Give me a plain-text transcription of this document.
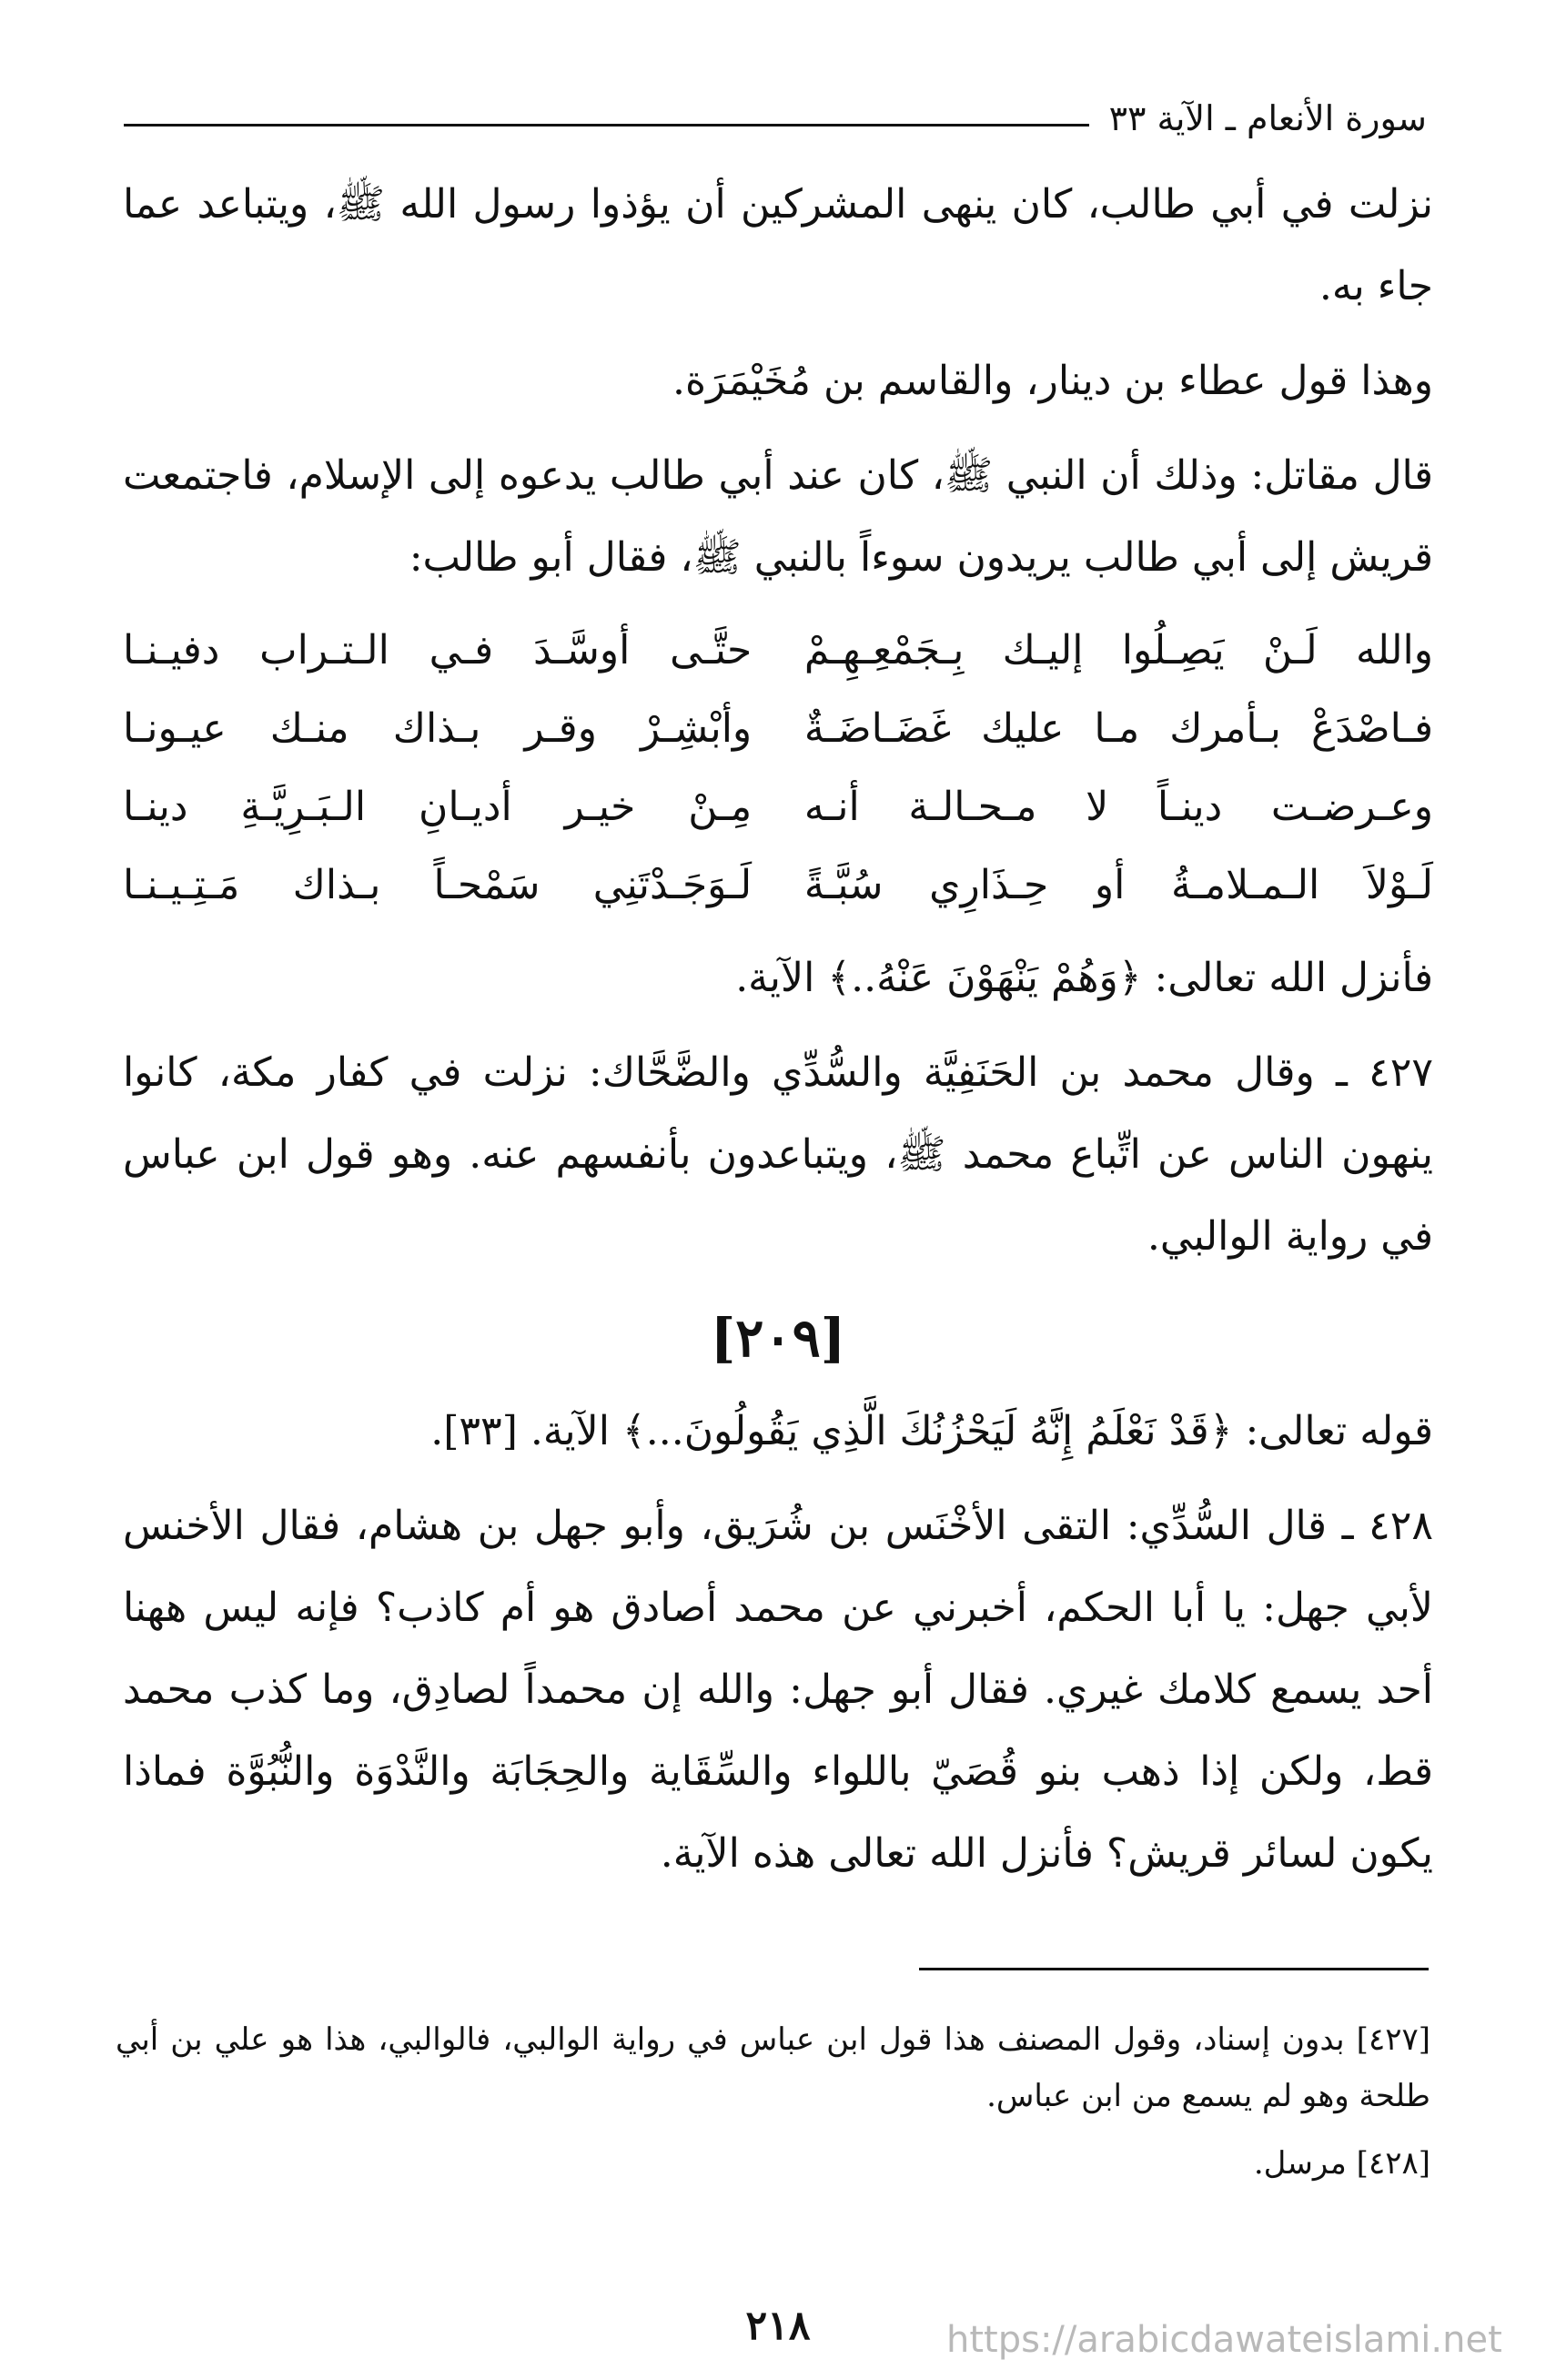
سورة الأنعام ـ الآية ٣٣

نزلت في أبي طالب، كان ينهى المشركين أن يؤذوا رسول الله ﷺ، ويتباعد عما جاء به.

وهذا قول عطاء بن دينار، والقاسم بن مُخَيْمَرَة.

قال مقاتل: وذلك أن النبي ﷺ، كان عند أبي طالب يدعوه إلى الإسلام، فاجتمعت قريش إلى أبي طالب يريدون سوءاً بالنبي ﷺ، فقال أبو طالب:

والله لَـنْ يَصِـلُوا إليـك بِـجَمْعِـهِـمْ
حتَّـى أوسَّـدَ فـي الـتـراب دفيـنـا
فـاصْدَعْ بـأمرك مـا عليك غَضَـاضَـةٌ
وأبْشِـرْ وقـر بـذاك منـك عيـونـا
وعـرضـت دينـاً لا مـحـالـة أنـه
مِـنْ خيـر أديـانِ الـبَـرِيَّـةِ دينـا
لَـوْلاَ الـمـلامـةُ أو حِـذَارِي سُبَّـةً
لَـوَجَـدْتَنِي سَمْحـاً بـذاك مَـتِـيـنـا

فأنزل الله تعالى: ﴿وَهُمْ يَنْهَوْنَ عَنْهُ..﴾ الآية.

٤٢٧ ـ وقال محمد بن الحَنَفِيَّة والسُّدِّي والضَّحَّاك: نزلت في كفار مكة، كانوا ينهون الناس عن اتِّباع محمد ﷺ، ويتباعدون بأنفسهم عنه. وهو قول ابن عباس في رواية الوالبي.

[٢٠٩]

قوله تعالى: ﴿قَدْ نَعْلَمُ إِنَّهُ لَيَحْزُنُكَ الَّذِي يَقُولُونَ...﴾ الآية. [٣٣].

٤٢٨ ـ قال السُّدِّي: التقى الأخْنَس بن شُرَيق، وأبو جهل بن هشام، فقال الأخنس لأبي جهل: يا أبا الحكم، أخبرني عن محمد أصادق هو أم كاذب؟ فإنه ليس ههنا أحد يسمع كلامك غيري. فقال أبو جهل: والله إن محمداً لصادِق، وما كذب محمد قط، ولكن إذا ذهب بنو قُصَيّ باللواء والسِّقَاية والحِجَابَة والنَّدْوَة والنُّبُوَّة فماذا يكون لسائر قريش؟ فأنزل الله تعالى هذه الآية.

[٤٢٧] بدون إسناد، وقول المصنف هذا قول ابن عباس في رواية الوالبي، فالوالبي، هذا هو علي بن أبي طلحة وهو لم يسمع من ابن عباس.

[٤٢٨] مرسل.

٢١٨	https://arabicdawateislami.net
